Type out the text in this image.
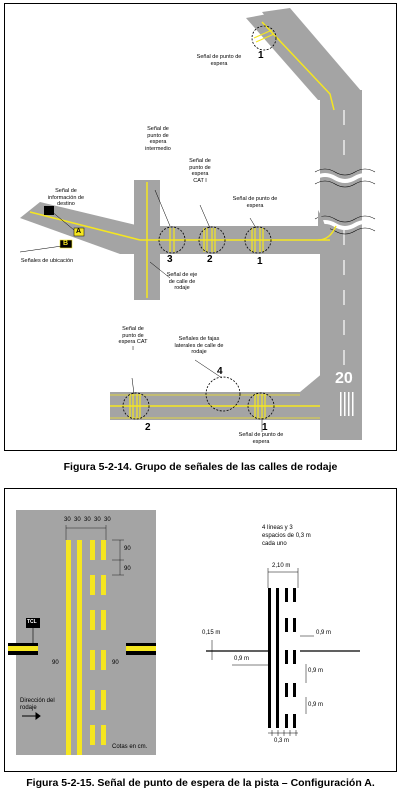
Señal de punto de espera
1
Señal de punto de espera intermedio
Señal de punto de espera CAT I
Señal de punto de espera
Señal de información de destino
Señales de ubicación
Señal de eje de calle de rodaje
3	2	1
Señal de punto de espera CAT I
Señales de fajas laterales de calle de rodaje
4
2	1
Señal de punto de espera
20
B
A
Figura 5-2-14. Grupo de señales de las calles de rodaje
30 30 30 30 30
90
90
90	90
TCL
Dirección del rodaje
Cotas en cm.
4 líneas y 3 espacios de 0,3 m cada uno
2,10 m
0,15 m
0,9 m
0,9 m
0,9 m
0,9 m
0,3 m
Figura 5-2-15. Señal de punto de espera de la pista – Configuración A.
